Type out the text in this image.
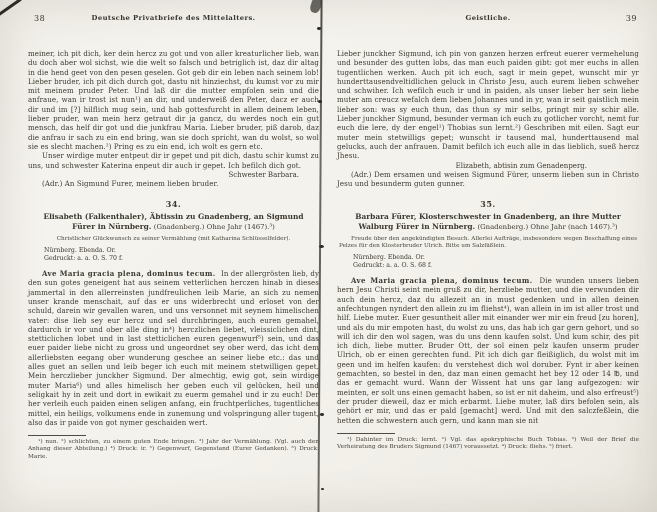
38	Deutsche Privatbriefe des Mittelalters.

meiner, ich pit dich, ker dein hercz zu got und von aller kreaturlicher lieb, wan du doch aber wol sichst, wie die welt so falsch und betriglich ist, daz dir altag in die hend geet von den pesen geselen. Got geb dir ein leben nach seinem lob! Lieber bruder, ich pit dich durch got, dastu nit hinziechst, du kumst vor zu mir mit meinem pruder Peter. Und laß dir die mutter empfolen sein und die anfraue, wan ir trost ist nun¹) an dir, und underweiß den Peter, dacz er auch dir und im [?] hilflich mug sein, und hab gottesfurcht in allem deinem leben, lieber pruder, wan mein herz getraut dir ja gancz, du werdes noch ein gut mensch, das helf dir got und die junkfrau Maria. Lieber bruder, piß darob, daz die anfrau ir sach zu ein end bring, wan sie doch spricht, wan du wolst, so wol sie es slecht machen.²) Pring es zu ein end, ich wolt es gern etc.

Unser wirdige muter entpeut dir ir gepet und pit dich, dastu schir kumst zu uns, und schwester Katerina enpeut dir auch ir gepet. Ich befilch dich got.

Schwester Barbara.

(Adr.) An Sigmund Furer, meinem lieben bruder.

34.
Elisabeth (Falkenthaler), Äbtissin zu Gnadenberg, an Sigmund Fürer in Nürnberg. (Gnadenberg.) Ohne Jahr (1467).³)
Christlicher Glückwunsch zu seiner Vermählung (mit Katharina Schlüsselfelder).
Nürnberg. Ebenda. Or.
Gedruckt: a. a. O. S. 70 f.

Ave Maria gracia plena, dominus tecum. In der allergrösten lieb, dy den sun gotes geneigent hat aus seinem vetterlichen herczen hinab in dieses jammertal in den allerreinsten jundfreulichen leib Marie, an sich zu nemen unser krande menschait, auf das er uns widerbrecht und erloset von der schuld, darein wir gevallen waren, und uns versonnet mit seynem himelischen vater: dise lieb sey eur hercz und sel durchbringen, auch euren gemahel, dardurch ir vor und ober alle ding in⁴) herczlichen liebet, vleissiclichen dint, stetticlichen lobet und in last stetticlichen euren gegenwurf⁵) sein, und das euer paider liebe nicht zu gross und ungeordnet sey ober werd, das icht dem allerliebsten eegang ober wunderung geschee an seiner liebe etc.: das und alles guet an sellen und leib beger ich euch mit meinem stetwilligen gepet. Mein herczlieber junckher Sigmund. Der almechtig, ewig got, sein wirdige muter Maria⁶) und alles himelisch her geben euch vil gelücken, heil und seligkait hy in zeit und dort in ewikait zu euerm gemahel und ir zu euch! Der her verleih euch paiden einen seligen anfang, ein fruchtperliches, tugentliches mittel, ein heiligs, volkumens ende in zunemung und volspringung aller tugent, also das ir paide von got nymer geschaiden wert.

¹) nun. ²) schlichten, zu einem guten Ende bringen. ³) Jahr der Vermählung. (Vgl. auch den Anhang dieser Abteilung.) ⁴) Druck: ir. ⁵) Gegenwurf, Gegenstand (Eurer Gedanken). ⁶) Druck: Marie.

Geistliche.	39

Lieber junckher Sigmund, ich pin von ganzen herzen erfreut euerer vermehelung und besunder des gutten lobs, das man euch paiden gibt: got mer euchs in allen tugentlichen werken. Auch pit ich euch, sagt ir mein gepet, wunscht mir yr hunderttausendveltidlichen geluck in Christo Jesu, auch eurem lieben schweher und schwiher. Ich wefilch euch ir und in paiden, als unser lieber her sein liebe muter am creucz wefalch dem lieben Johannes und in yr, wan ir seit gaistlich mein lieber son: was sy euch thun, das thun sy mir selbs, pringt mir sy schir alle. Lieber junckher Sigmund, besunder verman ich euch zu gotlicher vorcht, nemt fur euch die lere, dy der engel¹) Thobias sun lernt.²) Geschriben mit eilen. Sagt eur muter mein stetwilligs gepet; wunscht ir tausend mal, hunderttausend mal gelucks, auch der anfrauen. Damit befilch ich euch alle in das lieblich, sueß hercz Jhesu.

Elizabeth, abtisin zum Genadenperg.

(Adr.) Dem ersamen und weisen Sigmund Fürer, unserm lieben sun in Christo Jesu und besunderm guten gunner.

35.
Barbara Fürer, Klosterschwester in Gnadenberg, an ihre Mutter Walburg Fürer in Nürnberg. (Gnadenberg.) Ohne Jahr (nach 1467).³)
Freude über den angekündigten Besuch. Allerlei Aufträge, insbesondere wegen Beschaffung eines Pelzes für den Klosterbruder Ulrich. Bitte um Salzfäßlein.
Nürnberg. Ebenda. Or.
Gedruckt: a. a. O. S. 68 f.

Ave Maria gracia plena, dominus tecum. Die wunden unsers lieben hern Jesu Christi seint mein gruß zu dir, herzliebe mutter, und die verwunden dir auch dein hercz, daz du allezeit an in must gedenken und in allen deinen anfechtungen nyndert den allein zu im fliehst⁴), wan allein in im ist aller trost und hilf. Liebe muter. Euer gesuntheit aller mit einander wer mir ein freud [zu horen], und als du mir empoten hast, du wolst zu uns, das hab ich gar gern gehort, und so will ich dir den wol sagen, was du uns denn kaufen solst. Und kum schir, des pit ich dich, liebe mutter. Bruder Ott, der sol einen pelz kaufen unserm pruder Ulrich, ob er einen gerechten fund. Pit ich dich gar fleißiglich, du wolst mit im geen und im helfen kaufen: du verstehest dich wol doruber. Fynt ir aber keinen gemachten, so bestel in den, daz man einen gemacht het bey 12 oder 14 ℔, und das er gemacht wurd. Wann der Wissent hat uns gar lang aufgezogen: wir meinten, er solt uns einen gemacht haben, so ist er nit daheim, und also erfreust⁵) der pruder dieweil, daz er mich erbarmt. Liebe muter, laß dirs befolen sein, als gehört er mir, und das er pald [gemacht] werd. Und mit den salczfeßlein, die hetten die schwestern auch gern, und kann man sie nit

¹) Dahinter im Druck: lernt. ²) Vgl. das apokryphische Buch Tobias. ³) Weil der Brief die Verheiratung des Bruders Sigmund (1467) voraussetzt. ⁴) Druck: fliehs. ⁵) friert.
